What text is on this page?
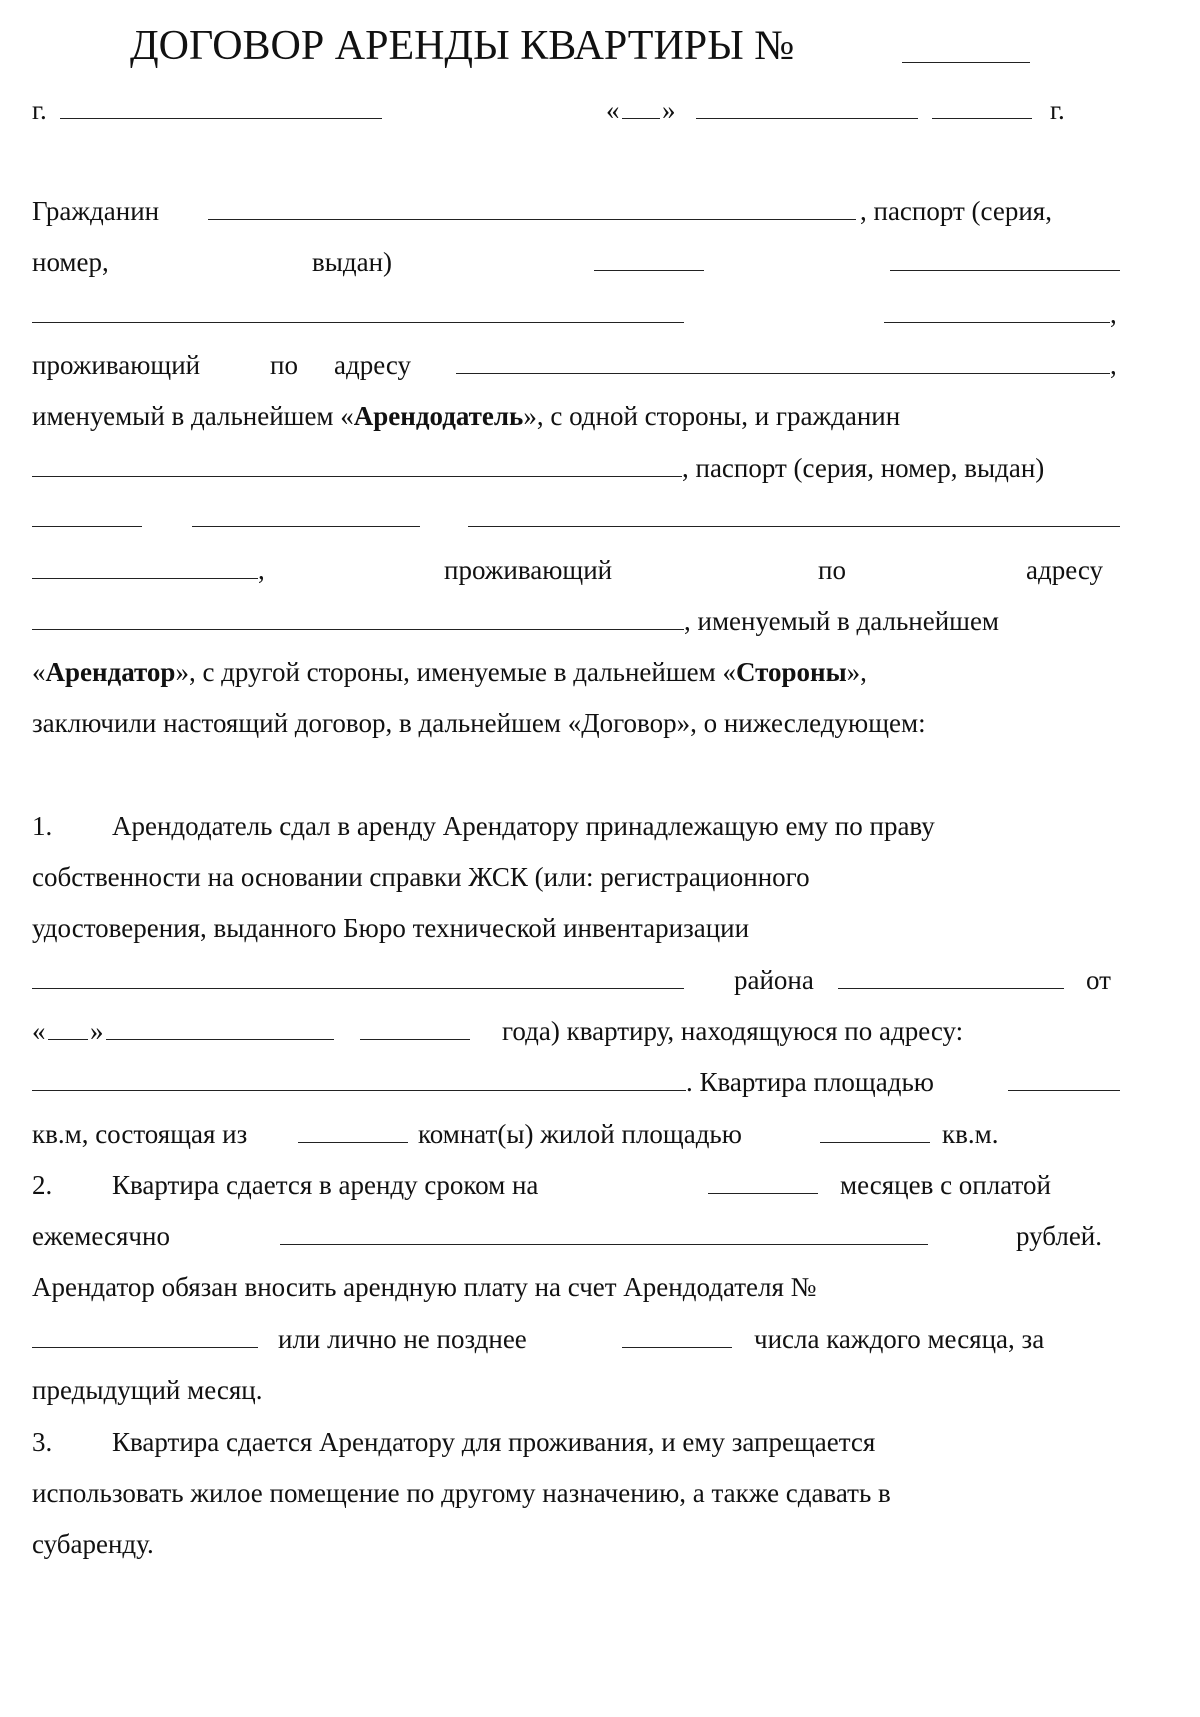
ДОГОВОР АРЕНДЫ КВАРТИРЫ №
г.	« »	г.
Гражданин	, паспорт (серия,
номер,	выдан)
,
проживающий	по адресу	,
именуемый в дальнейшем «Арендодатель», с одной стороны, и гражданин
, паспорт (серия, номер, выдан)
,	проживающий	по	адресу
, именуемый в дальнейшем
«Арендатор», с другой стороны, именуемые в дальнейшем «Стороны»,
заключили настоящий договор, в дальнейшем «Договор», о нижеследующем:
1. Арендодатель сдал в аренду Арендатору принадлежащую ему по праву
собственности на основании справки ЖСК (или: регистрационного
удостоверения, выданного Бюро технической инвентаризации
района	от
« »	года) квартиру, находящуюся по адресу:
. Квартира площадью
кв.м, состоящая из	комнат(ы) жилой площадью	кв.м.
2. Квартира сдается в аренду сроком на	месяцев с оплатой
ежемесячно	рублей.
Арендатор обязан вносить арендную плату на счет Арендодателя №
или лично не позднее	числа каждого месяца, за
предыдущий месяц.
3. Квартира сдается Арендатору для проживания, и ему запрещается
использовать жилое помещение по другому назначению, а также сдавать в
субаренду.
